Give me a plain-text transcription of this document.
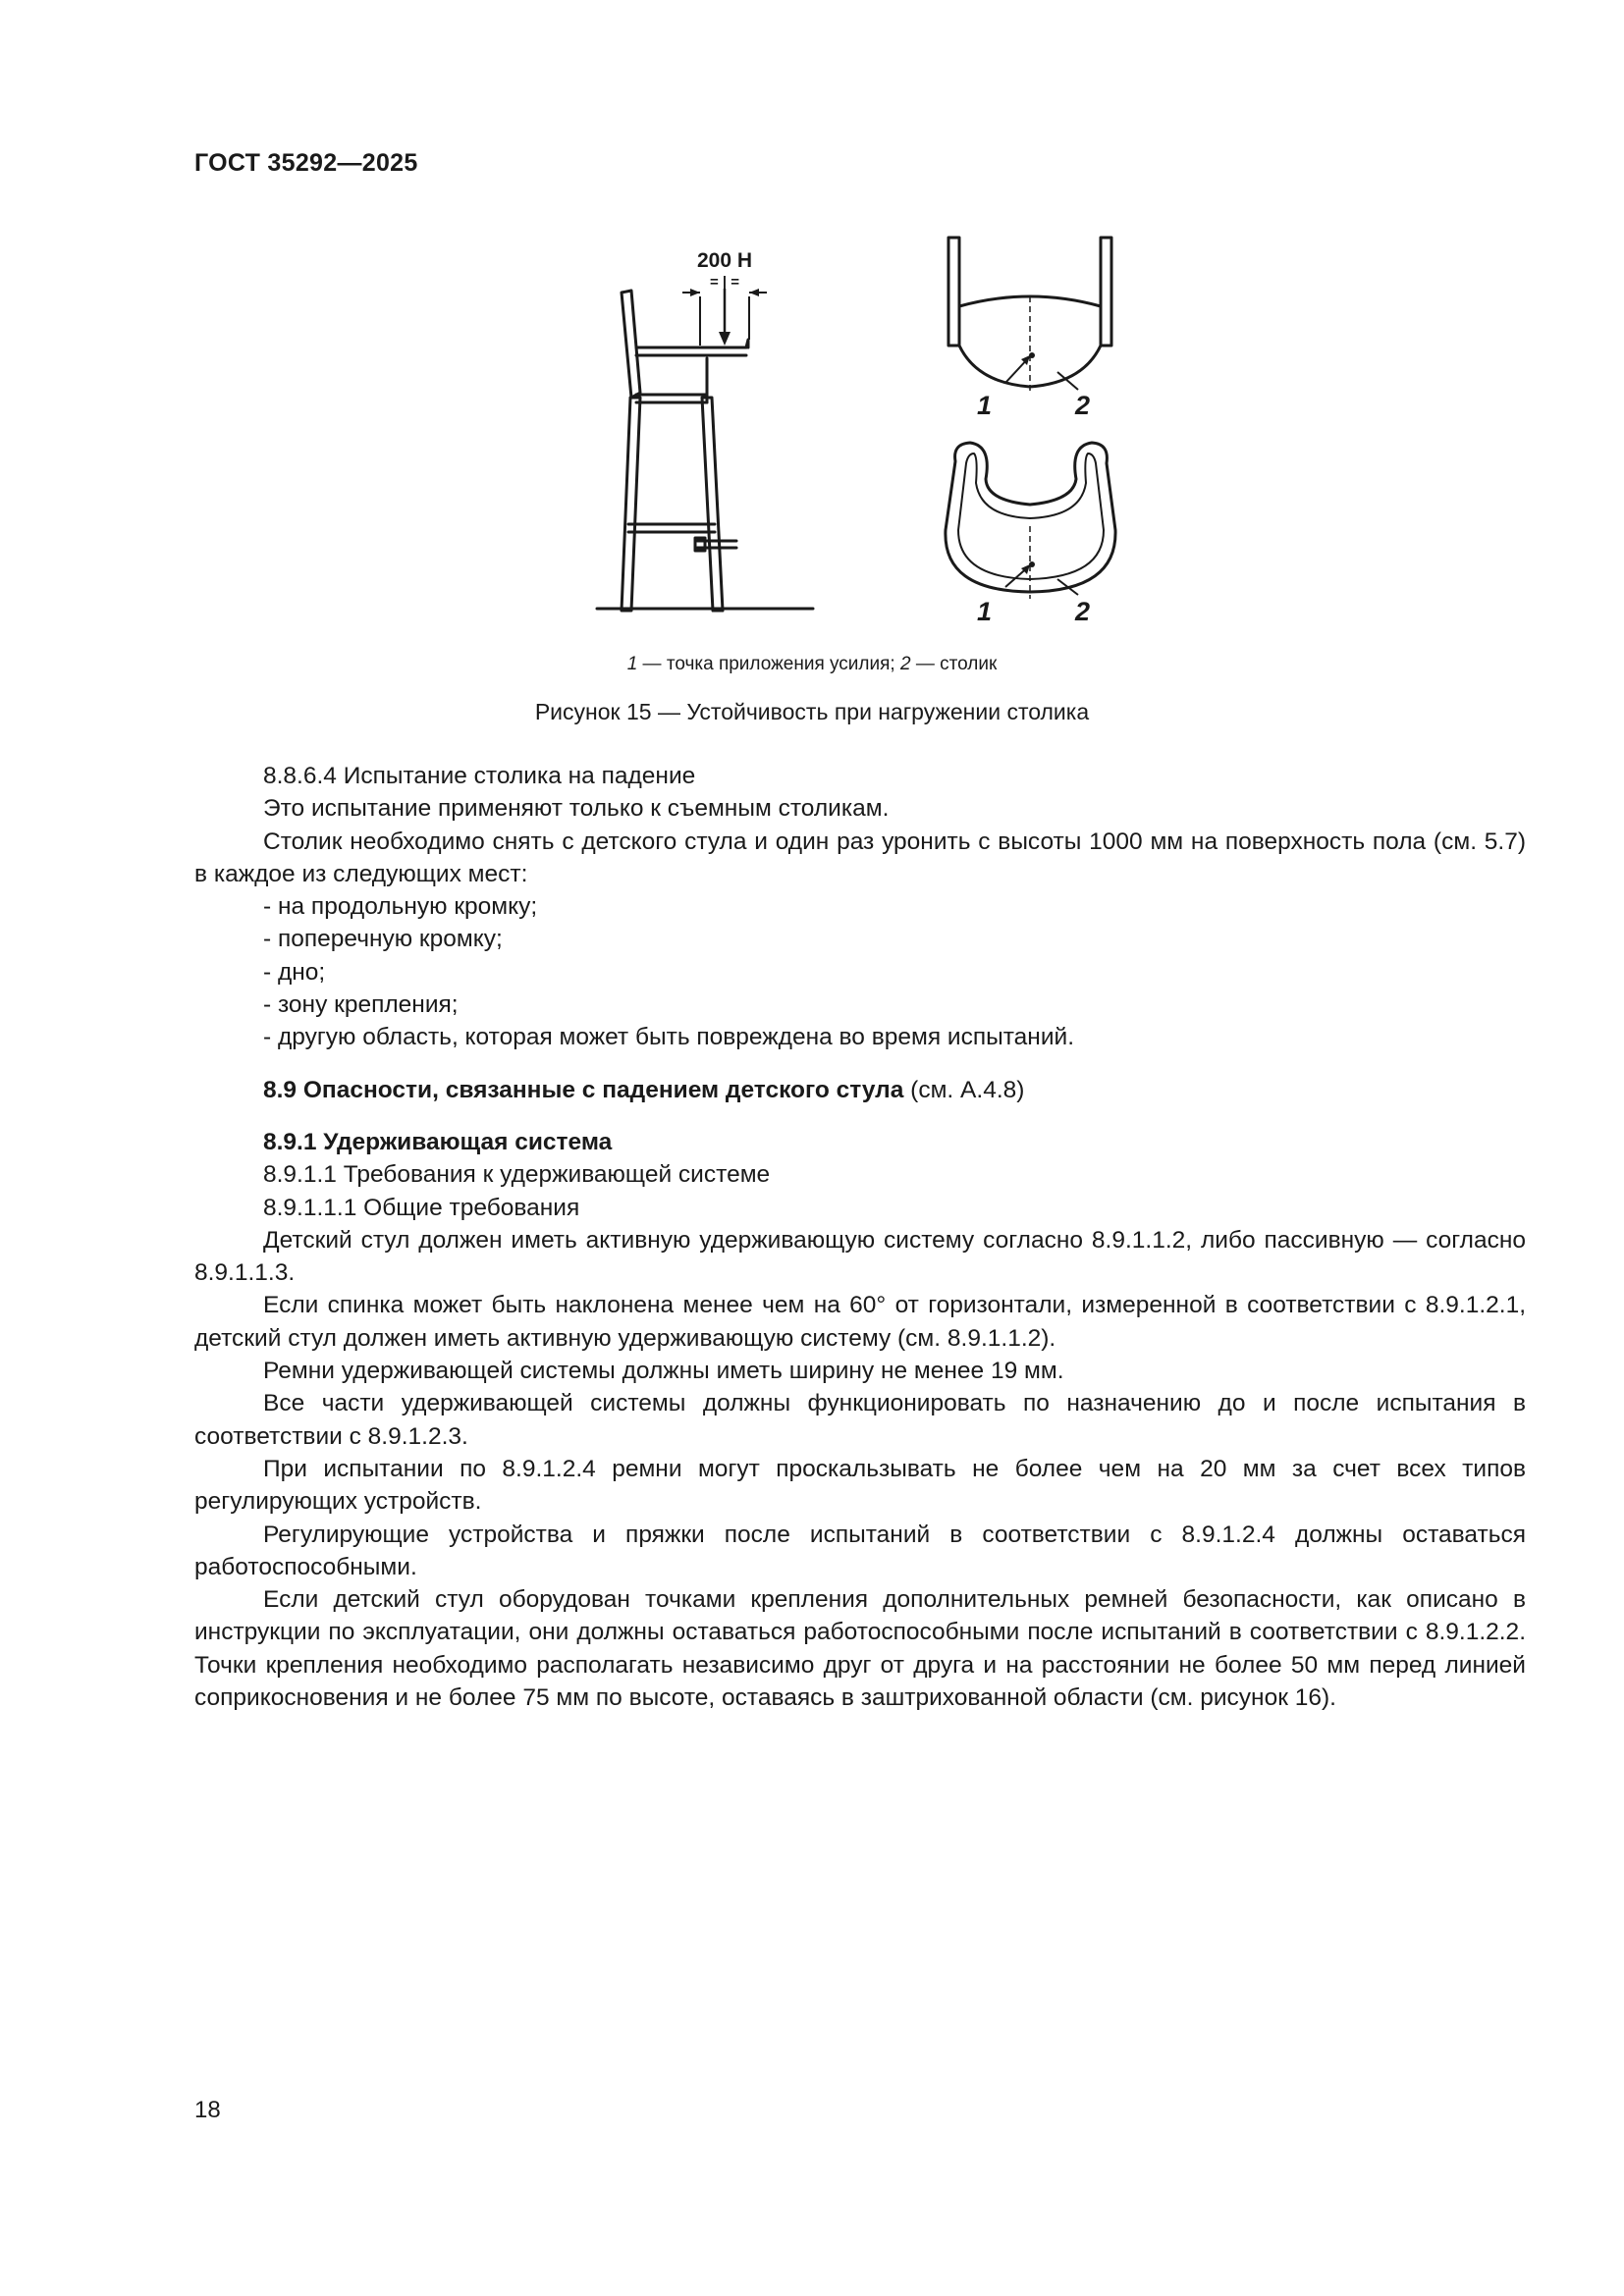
ГОСТ 35292—2025
200 Н
= | =
1	2
1	2
1 — точка приложения усилия; 2 — столик
Рисунок 15 — Устойчивость при нагружении столика

8.8.6.4 Испытание столика на падение

Это испытание применяют только к съемным столикам.

Столик необходимо снять с детского стула и один раз уронить с высоты 1000 мм на поверхность пола (см. 5.7) в каждое из следующих мест:

- на продольную кромку;

- поперечную кромку;

- дно;

- зону крепления;

- другую область, которая может быть повреждена во время испытаний.

8.9 Опасности, связанные с падением детского стула (см. А.4.8)

8.9.1 Удерживающая система

8.9.1.1 Требования к удерживающей системе

8.9.1.1.1 Общие требования

Детский стул должен иметь активную удерживающую систему согласно 8.9.1.1.2, либо пассивную — согласно 8.9.1.1.3.

Если спинка может быть наклонена менее чем на 60° от горизонтали, измеренной в соответствии с 8.9.1.2.1, детский стул должен иметь активную удерживающую систему (см. 8.9.1.1.2).

Ремни удерживающей системы должны иметь ширину не менее 19 мм.

Все части удерживающей системы должны функционировать по назначению до и после испытания в соответствии с 8.9.1.2.3.

При испытании по 8.9.1.2.4 ремни могут проскальзывать не более чем на 20 мм за счет всех типов регулирующих устройств.

Регулирующие устройства и пряжки после испытаний в соответствии с 8.9.1.2.4 должны оставаться работоспособными.

Если детский стул оборудован точками крепления дополнительных ремней безопасности, как описано в инструкции по эксплуатации, они должны оставаться работоспособными после испытаний в соответствии с 8.9.1.2.2. Точки крепления необходимо располагать независимо друг от друга и на расстоянии не более 50 мм перед линией соприкосновения и не более 75 мм по высоте, оставаясь в заштрихованной области (см. рисунок 16).

18
